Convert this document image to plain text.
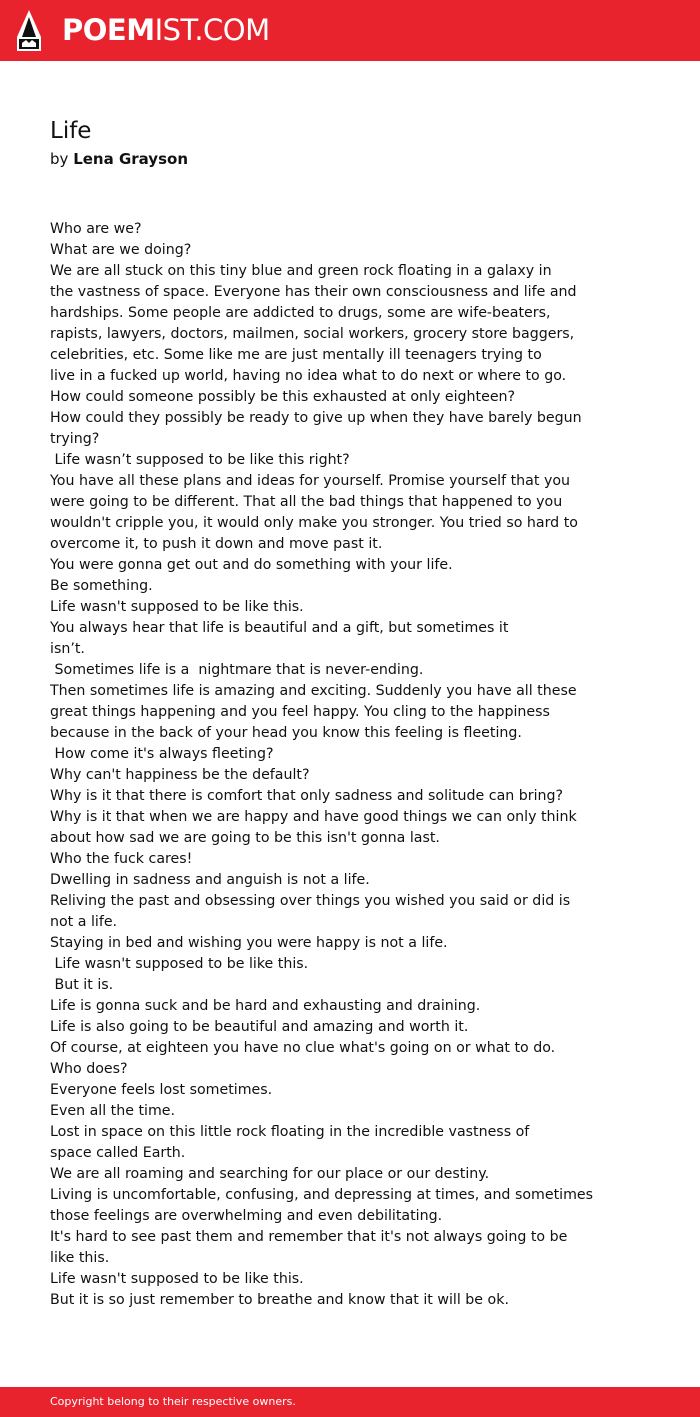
POEMIST.COM
Life
by Lena Grayson
Who are we?
What are we doing?
We are all stuck on this tiny blue and green rock floating in a galaxy in
the vastness of space. Everyone has their own consciousness and life and
hardships. Some people are addicted to drugs, some are wife-beaters,
rapists, lawyers, doctors, mailmen, social workers, grocery store baggers,
celebrities, etc. Some like me are just mentally ill teenagers trying to
live in a fucked up world, having no idea what to do next or where to go.
How could someone possibly be this exhausted at only eighteen?
How could they possibly be ready to give up when they have barely begun
trying?
Life wasn’t supposed to be like this right?
You have all these plans and ideas for yourself. Promise yourself that you
were going to be different. That all the bad things that happened to you
wouldn't cripple you, it would only make you stronger. You tried so hard to
overcome it, to push it down and move past it.
You were gonna get out and do something with your life.
Be something.
Life wasn't supposed to be like this.
You always hear that life is beautiful and a gift, but sometimes it
isn’t.
Sometimes life is a  nightmare that is never-ending.
Then sometimes life is amazing and exciting. Suddenly you have all these
great things happening and you feel happy. You cling to the happiness
because in the back of your head you know this feeling is fleeting.
How come it's always fleeting?
Why can't happiness be the default?
Why is it that there is comfort that only sadness and solitude can bring?
Why is it that when we are happy and have good things we can only think
about how sad we are going to be this isn't gonna last.
Who the fuck cares!
Dwelling in sadness and anguish is not a life.
Reliving the past and obsessing over things you wished you said or did is
not a life.
Staying in bed and wishing you were happy is not a life.
Life wasn't supposed to be like this.
But it is.
Life is gonna suck and be hard and exhausting and draining.
Life is also going to be beautiful and amazing and worth it.
Of course, at eighteen you have no clue what's going on or what to do.
Who does?
Everyone feels lost sometimes.
Even all the time.
Lost in space on this little rock floating in the incredible vastness of
space called Earth.
We are all roaming and searching for our place or our destiny.
Living is uncomfortable, confusing, and depressing at times, and sometimes
those feelings are overwhelming and even debilitating.
It's hard to see past them and remember that it's not always going to be
like this.
Life wasn't supposed to be like this.
But it is so just remember to breathe and know that it will be ok.
Copyright belong to their respective owners.
